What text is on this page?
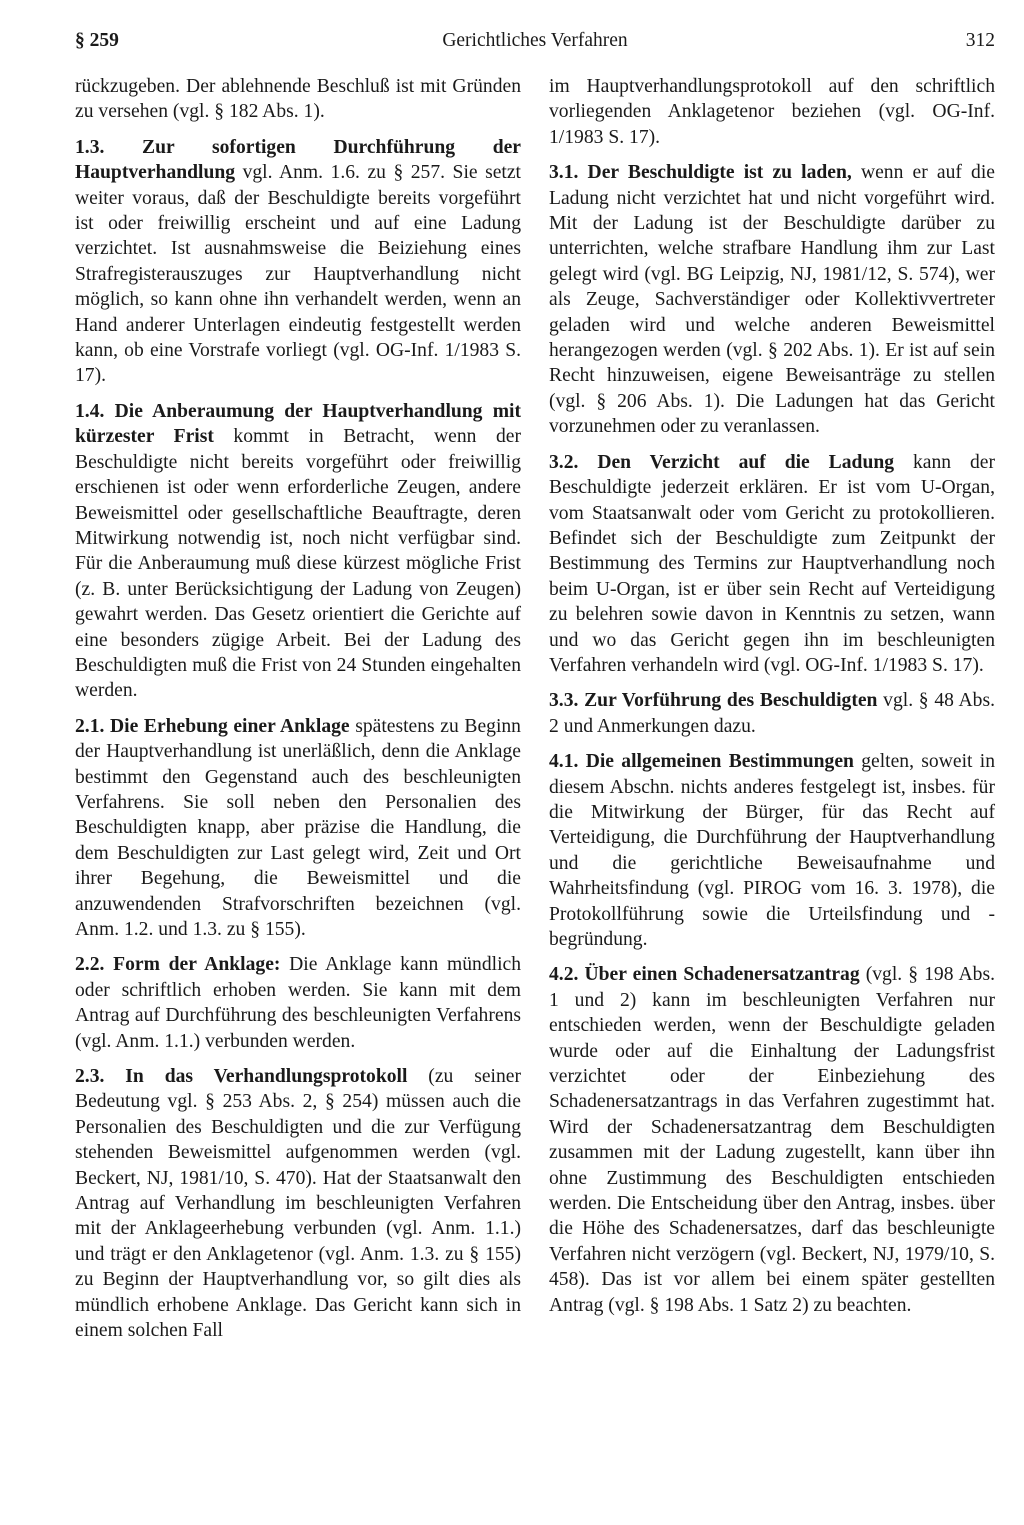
§ 259	Gerichtliches Verfahren	312

rückzugeben. Der ablehnende Beschluß ist mit Gründen zu versehen (vgl. § 182 Abs. 1).

1.3. Zur sofortigen Durchführung der Hauptverhandlung vgl. Anm. 1.6. zu § 257. Sie setzt weiter voraus, daß der Beschuldigte bereits vorgeführt ist oder freiwillig erscheint und auf eine Ladung verzichtet. Ist ausnahmsweise die Beiziehung eines Strafregisterauszuges zur Hauptverhandlung nicht möglich, so kann ohne ihn verhandelt werden, wenn an Hand anderer Unterlagen eindeutig festgestellt werden kann, ob eine Vorstrafe vorliegt (vgl. OG-Inf. 1/1983 S. 17).

1.4. Die Anberaumung der Hauptverhandlung mit kürzester Frist kommt in Betracht, wenn der Beschuldigte nicht bereits vorgeführt oder freiwillig erschienen ist oder wenn erforderliche Zeugen, andere Beweismittel oder gesellschaftliche Beauftragte, deren Mitwirkung notwendig ist, noch nicht verfügbar sind. Für die Anberaumung muß diese kürzest mögliche Frist (z. B. unter Berücksichtigung der Ladung von Zeugen) gewahrt werden. Das Gesetz orientiert die Gerichte auf eine besonders zügige Arbeit. Bei der Ladung des Beschuldigten muß die Frist von 24 Stunden eingehalten werden.

2.1. Die Erhebung einer Anklage spätestens zu Beginn der Hauptverhandlung ist unerläßlich, denn die Anklage bestimmt den Gegenstand auch des beschleunigten Verfahrens. Sie soll neben den Personalien des Beschuldigten knapp, aber präzise die Handlung, die dem Beschuldigten zur Last gelegt wird, Zeit und Ort ihrer Begehung, die Beweismittel und die anzuwendenden Strafvorschriften bezeichnen (vgl. Anm. 1.2. und 1.3. zu § 155).

2.2. Form der Anklage: Die Anklage kann mündlich oder schriftlich erhoben werden. Sie kann mit dem Antrag auf Durchführung des beschleunigten Verfahrens (vgl. Anm. 1.1.) verbunden werden.

2.3. In das Verhandlungsprotokoll (zu seiner Bedeutung vgl. § 253 Abs. 2, § 254) müssen auch die Personalien des Beschuldigten und die zur Verfügung stehenden Beweismittel aufgenommen werden (vgl. Beckert, NJ, 1981/10, S. 470). Hat der Staatsanwalt den Antrag auf Verhandlung im beschleunigten Verfahren mit der Anklageerhebung verbunden (vgl. Anm. 1.1.) und trägt er den Anklagetenor (vgl. Anm. 1.3. zu § 155) zu Beginn der Hauptverhandlung vor, so gilt dies als mündlich erhobene Anklage. Das Gericht kann sich in einem solchen Fall

im Hauptverhandlungsprotokoll auf den schriftlich vorliegenden Anklagetenor beziehen (vgl. OG-Inf. 1/1983 S. 17).

3.1. Der Beschuldigte ist zu laden, wenn er auf die Ladung nicht verzichtet hat und nicht vorgeführt wird. Mit der Ladung ist der Beschuldigte darüber zu unterrichten, welche strafbare Handlung ihm zur Last gelegt wird (vgl. BG Leipzig, NJ, 1981/12, S. 574), wer als Zeuge, Sachverständiger oder Kollektivvertreter geladen wird und welche anderen Beweismittel herangezogen werden (vgl. § 202 Abs. 1). Er ist auf sein Recht hinzuweisen, eigene Beweisanträge zu stellen (vgl. § 206 Abs. 1). Die Ladungen hat das Gericht vorzunehmen oder zu veranlassen.

3.2. Den Verzicht auf die Ladung kann der Beschuldigte jederzeit erklären. Er ist vom U-Organ, vom Staatsanwalt oder vom Gericht zu protokollieren. Befindet sich der Beschuldigte zum Zeitpunkt der Bestimmung des Termins zur Hauptverhandlung noch beim U-Organ, ist er über sein Recht auf Verteidigung zu belehren sowie davon in Kenntnis zu setzen, wann und wo das Gericht gegen ihn im beschleunigten Verfahren verhandeln wird (vgl. OG-Inf. 1/1983 S. 17).

3.3. Zur Vorführung des Beschuldigten vgl. § 48 Abs. 2 und Anmerkungen dazu.

4.1. Die allgemeinen Bestimmungen gelten, soweit in diesem Abschn. nichts anderes festgelegt ist, insbes. für die Mitwirkung der Bürger, für das Recht auf Verteidigung, die Durchführung der Hauptverhandlung und die gerichtliche Beweisaufnahme und Wahrheitsfindung (vgl. PIROG vom 16. 3. 1978), die Protokollführung sowie die Urteilsfindung und -begründung.

4.2. Über einen Schadenersatzantrag (vgl. § 198 Abs. 1 und 2) kann im beschleunigten Verfahren nur entschieden werden, wenn der Beschuldigte geladen wurde oder auf die Einhaltung der Ladungsfrist verzichtet oder der Einbeziehung des Schadenersatzantrags in das Verfahren zugestimmt hat. Wird der Schadenersatzantrag dem Beschuldigten zusammen mit der Ladung zugestellt, kann über ihn ohne Zustimmung des Beschuldigten entschieden werden. Die Entscheidung über den Antrag, insbes. über die Höhe des Schadenersatzes, darf das beschleunigte Verfahren nicht verzögern (vgl. Beckert, NJ, 1979/10, S. 458). Das ist vor allem bei einem später gestellten Antrag (vgl. § 198 Abs. 1 Satz 2) zu beachten.
